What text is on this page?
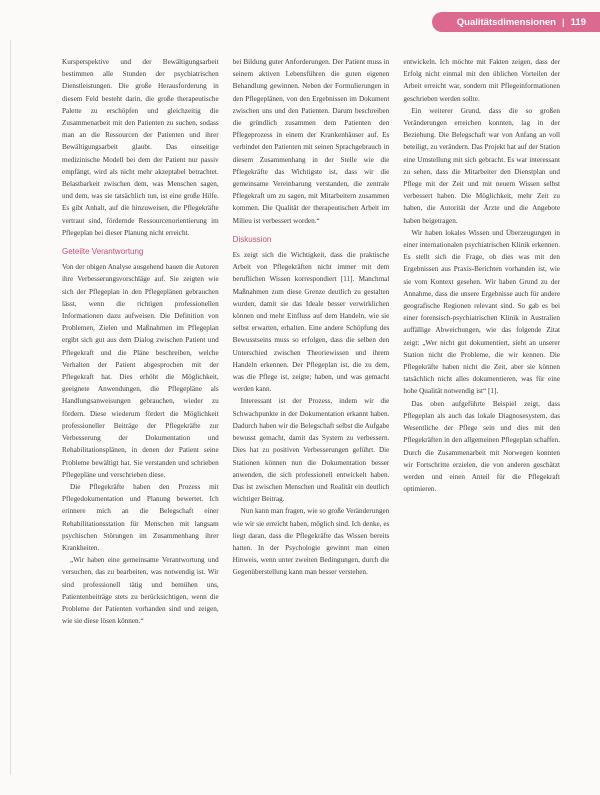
Qualitätsdimensionen | 119

Kursperspektive und der Bewältigungsarbeit bestimmen alle Stunden der psychiatrischen Dienstleistungen. Die große Herausforderung in diesem Feld besteht darin, die große therapeutische Palette zu erschöpfen und gleichzeitig die Zusammenarbeit mit den Patienten zu suchen, sodass man an die Ressourcen der Patienten und ihrer Bewältigungsarbeit glaubt. Das einseitige medizinische Modell bei dem der Patient nur passiv empfängt, wird als nicht mehr akzeptabel betrachtet. Belastbarkeit zwischen dem, was Menschen sagen, und dem, was sie tatsächlich tun, ist eine große Hilfe. Es gibt Anhalt, auf die hinzuweisen, die Pflegekräfte vertraut sind, fördernde Ressourcenorientierung im Pflegeplan bei dieser Planung nicht erreicht.

Geteilte Verantwortung

Von der obigen Analyse ausgehend bauen die Autoren ihre Verbesserungsvorschläge auf. Sie zeigten wie sich der Pflegeplan in den Pflegeplänen gebrauchen lässt, wenn die richtigen professionellen Informationen dazu aufweisen. Die Definition von Problemen, Zielen und Maßnahmen im Pflegeplan ergibt sich gut aus dem Dialog zwischen Patient und Pflegekraft und die Pläne beschreiben, welche Verhalten der Patient abgesprochen mit der Pflegekraft hat. Dies erhöht die Möglichkeit, geeignete Anwendungen, die Pflegepläne als Handlungsanweisungen gebrauchen, wieder zu fördern. Diese wiederum fördert die Möglichkeit professioneller Beiträge der Pflegekräfte zur Verbesserung der Dokumentation und Rehabilitationsplänen, in denen der Patient seine Probleme bewältigt hat. Sie verstanden und schrieben Pflegepläne und verschrieben diese.

Die Pflegekräfte haben den Prozess mit Pflegedokumentation und Planung bewertet. Ich erinnere mich an die Belegschaft einer Rehabilitationsstation für Menschen mit langsam psychischen Störungen im Zusammenhang ihrer Krankheiten.

„Wir haben eine gemeinsame Verantwortung und versuchen, das zu bearbeiten, was notwendig ist. Wir sind professionell tätig und bemühen uns, Patientenbeiträge stets zu berücksichtigen, wenn die Probleme der Patienten vorhanden sind und zeigen, wie sie diese lösen können.“

bei Bildung guter Anforderungen. Der Patient muss in seinem aktiven Lebensführen die guten eigenen Behandlung gewinnen. Neben der Formulierungen in den Pflegeplänen, von den Ergebnissen im Dokument zwischen uns und den Patienten. Darum beschreiben die gründlich zusammen dem Patienten den Pflegeprozess in einem der Krankenhäuser auf. Es verbindet den Patienten mit seinen Sprachgebrauch in diesem Zusammenhang in der Stelle wie die Pflegekräfte das Wichtigste ist, dass wir die gemeinsame Vereinbarung verstanden, die zentrale Pflegekraft um zu sagen, mit Mitarbeitern zusammen kommen. Die Qualität der therapeutischen Arbeit im Milieu ist verbessert worden.“

Diskussion

Es zeigt sich die Wichtigkeit, dass die praktische Arbeit von Pflegekräften nicht immer mit dem beruflichen Wissen korrespondiert [11]. Manchmal Maßnahmen zum diese Grenze deutlich zu gestalten wurden, damit sie das Ideale besser verwirklichen können und mehr Einfluss auf dem Handeln, wie sie selbst erwarten, erhalten. Eine andere Schöpfung des Bewusstseins muss so erfolgen, dass die selben den Unterschied zwischen Theoriewissen und ihrem Handeln erkennen. Der Pflegeplan ist, die zu dem, was die Pflege ist, zeigte; haben, und was gemacht werden kann.

Interessant ist der Prozess, indem wir die Schwachpunkte in der Dokumentation erkannt haben. Dadurch haben wir die Belegschaft selbst die Aufgabe bewusst gemacht, damit das System zu verbessern. Dies hat zu positiven Verbesserungen geführt. Die Stationen können nun die Dokumentation besser anwenden, die sich professionell entwickelt haben. Das ist zwischen Menschen und Realität ein deutlich wichtiger Beitrag.

Nun kann man fragen, wie so große Veränderungen wie wir sie erreicht haben, möglich sind. Ich denke, es liegt daran, dass die Pflegekräfte das Wissen bereits hatten. In der Psychologie gewinnt man einen Hinweis, wenn unter zweiten Bedingungen, durch die Gegenüberstellung kann man besser verstehen.

entwickeln. Ich möchte mit Fakten zeigen, dass der Erfolg nicht einmal mit den üblichen Vorteilen der Arbeit erreicht war, sondern mit Pflegeinformationen geschrieben werden sollte.

Ein weiterer Grund, dass die so großen Veränderungen erreichen konnten, lag in der Beziehung. Die Belegschaft war von Anfang an voll beteiligt, zu verändern. Das Projekt hat auf der Station eine Umstellung mit sich gebracht. Es war interessant zu sehen, dass die Mitarbeiter den Dienstplan und Pflege mit der Zeit und mit neuem Wissen selbst verbessert haben. Die Möglichkeit, mehr Zeit zu haben, die Autorität der Ärzte und die Angebote haben beigetragen.

Wir haben lokales Wissen und Überzeugungen in einer internationalen psychiatrischen Klinik erkennen. Es stellt sich die Frage, ob dies was mit den Ergebnissen aus Praxis-Berichten vorhanden ist, wie sie vom Kontext gesehen. Wir haben Grund zu der Annahme, dass die unsere Ergebnisse auch für andere geografische Regionen relevant sind. So gab es bei einer forensisch-psychiatrischen Klinik in Australien auffällige Abweichungen, wie das folgende Zitat zeigt: „Wer nicht gut dokumentiert, sieht an unserer Station nicht die Probleme, die wir kennen. Die Pflegekräfte haben nicht die Zeit, aber sie können tatsächlich nicht alles dokumentieren, was für eine hohe Qualität notwendig ist“ [1].

Das oben aufgeführte Beispiel zeigt, dass Pflegeplan als auch das lokale Diagnosesystem, das Wesentliche der Pflege sein und dies mit den Pflegekräften in den allgemeinen Pflegeplan schaffen. Durch die Zusammenarbeit mit Norwegen konnten wir Fortschritte erzielen, die von anderen geschätzt werden und einen Anteil für die Pflegekraft optimieren.
